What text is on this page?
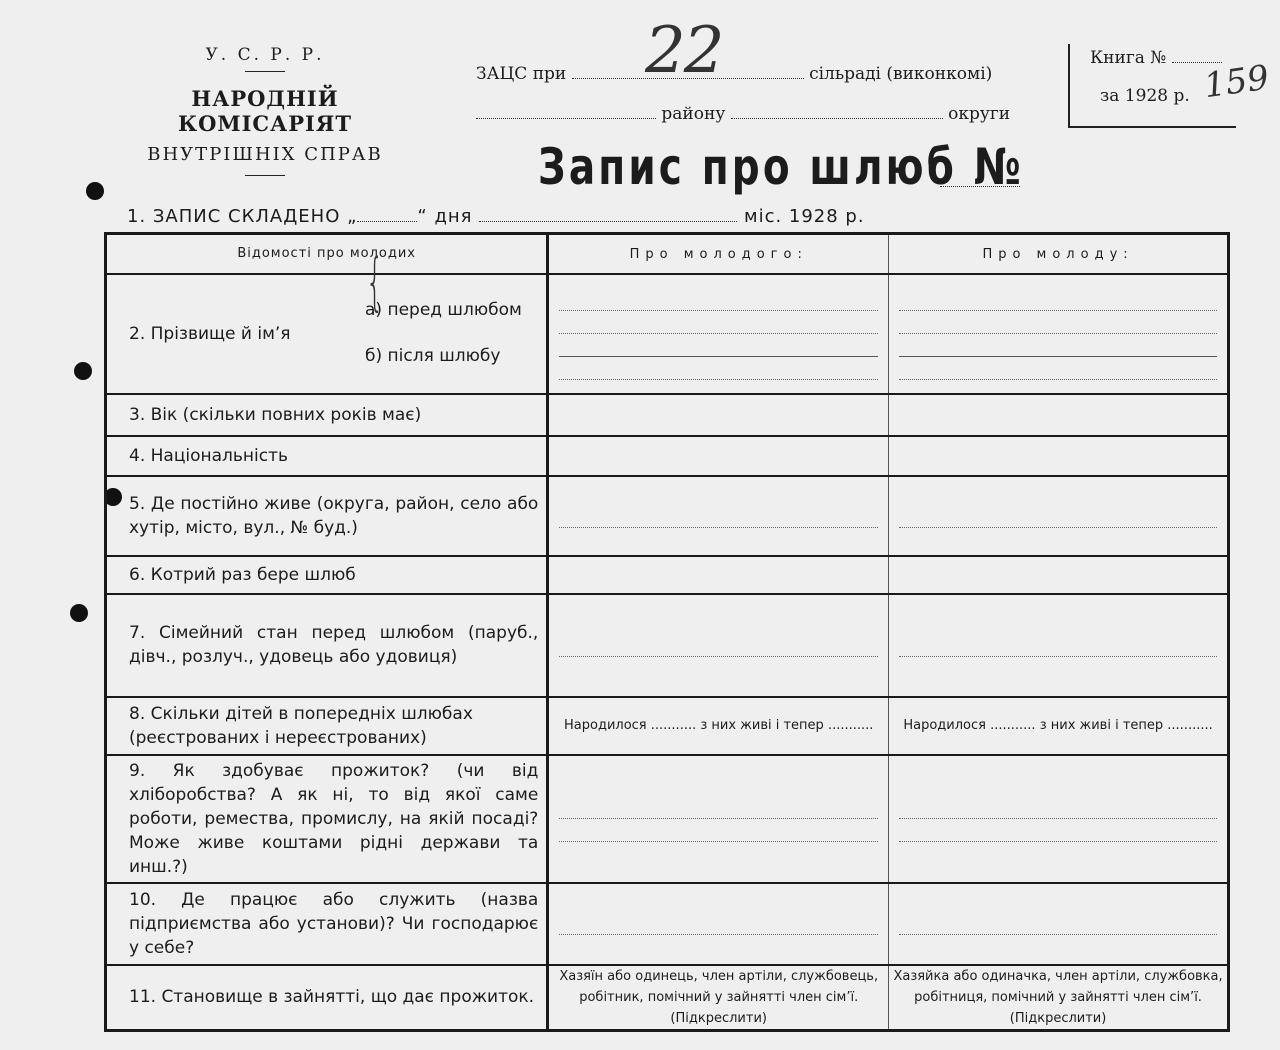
У. С. Р. Р.
НАРОДНІЙ КОМІСАРІЯТ
ВНУТРІШНІХ СПРАВ
ЗАЦС при	сільраді (виконкомі)
22
району	округи
Книга №
за 1928 р. 159
Запис про шлюб №
1. ЗАПИС СКЛАДЕНО „	“ дня	міс. 1928 р.
Відомості про молодих	Про молодого:	Про молоду:

2. Прізвище й ім’я
{
а) перед шлюбом
б) після шлюбу		

3. Вік (скільки повних років має)		
4. Національність		
5. Де постійно живе (округа, район, село або хутір, місто, вул., № буд.)	

6. Котрий раз бере шлюб		
7. Сімейний стан перед шлюбом (паруб., дівч., розлуч., удовець або удовиця)	

8. Скільки дітей в попередніх шлюбах (реєстрованих і нереєстрованих)	Народилося ........... з них живі і тепер ...........	Народилося ........... з них живі і тепер ...........
9. Як здобуває прожиток? (чи від хліборобства? А як ні, то від якої саме роботи, ремества, промислу, на якій посаді? Може живе коштами рідні держави та инш.?)	

10. Де працює або служить (назва підприємства або установи)? Чи господарює у себе?	

11. Становище в зайнятті, що дає прожиток.	Хазяїн або одинець, член артіли, службовець, робітник, помічний у зайнятті член сім’ї. (Підкреслити)	Хазяйка або одиначка, член артіли, службовка, робітниця, помічний у зайнятті член сім’ї. (Підкреслити)
